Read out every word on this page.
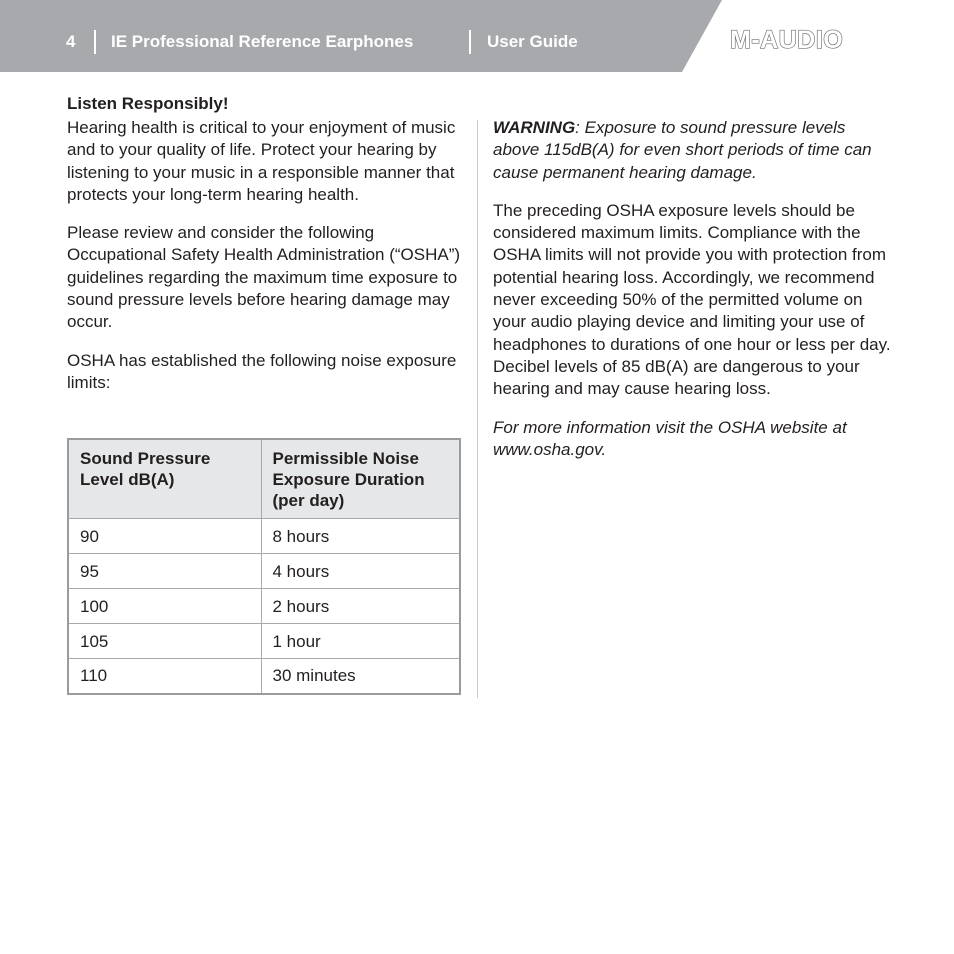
4 IE Professional Reference Earphones	User Guide	M-AUDIO
Listen Responsibly!

Hearing health is critical to your enjoyment of music and to your quality of life. Protect your hearing by listening to your music in a responsible manner that protects your long-term hearing health.

Please review and consider the following Occupational Safety Health Administration (“OSHA”) guidelines regarding the maximum time exposure to sound pressure levels before hearing damage may occur.

OSHA has established the following noise exposure limits:

Sound Pressure Level dB(A)	Permissible Noise Exposure Duration (per day)
90	8 hours
95	4 hours
100	2 hours
105	1 hour
110	30 minutes

WARNING: Exposure to sound pressure levels above 115dB(A) for even short periods of time can cause permanent hearing damage.

The preceding OSHA exposure levels should be considered maximum limits. Compliance with the OSHA limits will not provide you with protection from potential hearing loss. Accordingly, we recommend never exceeding 50% of the permitted volume on your audio playing device and limiting your use of headphones to durations of one hour or less per day. Decibel levels of 85 dB(A) are dangerous to your hearing and may cause hearing loss.

For more information visit the OSHA website at www.osha.gov.
